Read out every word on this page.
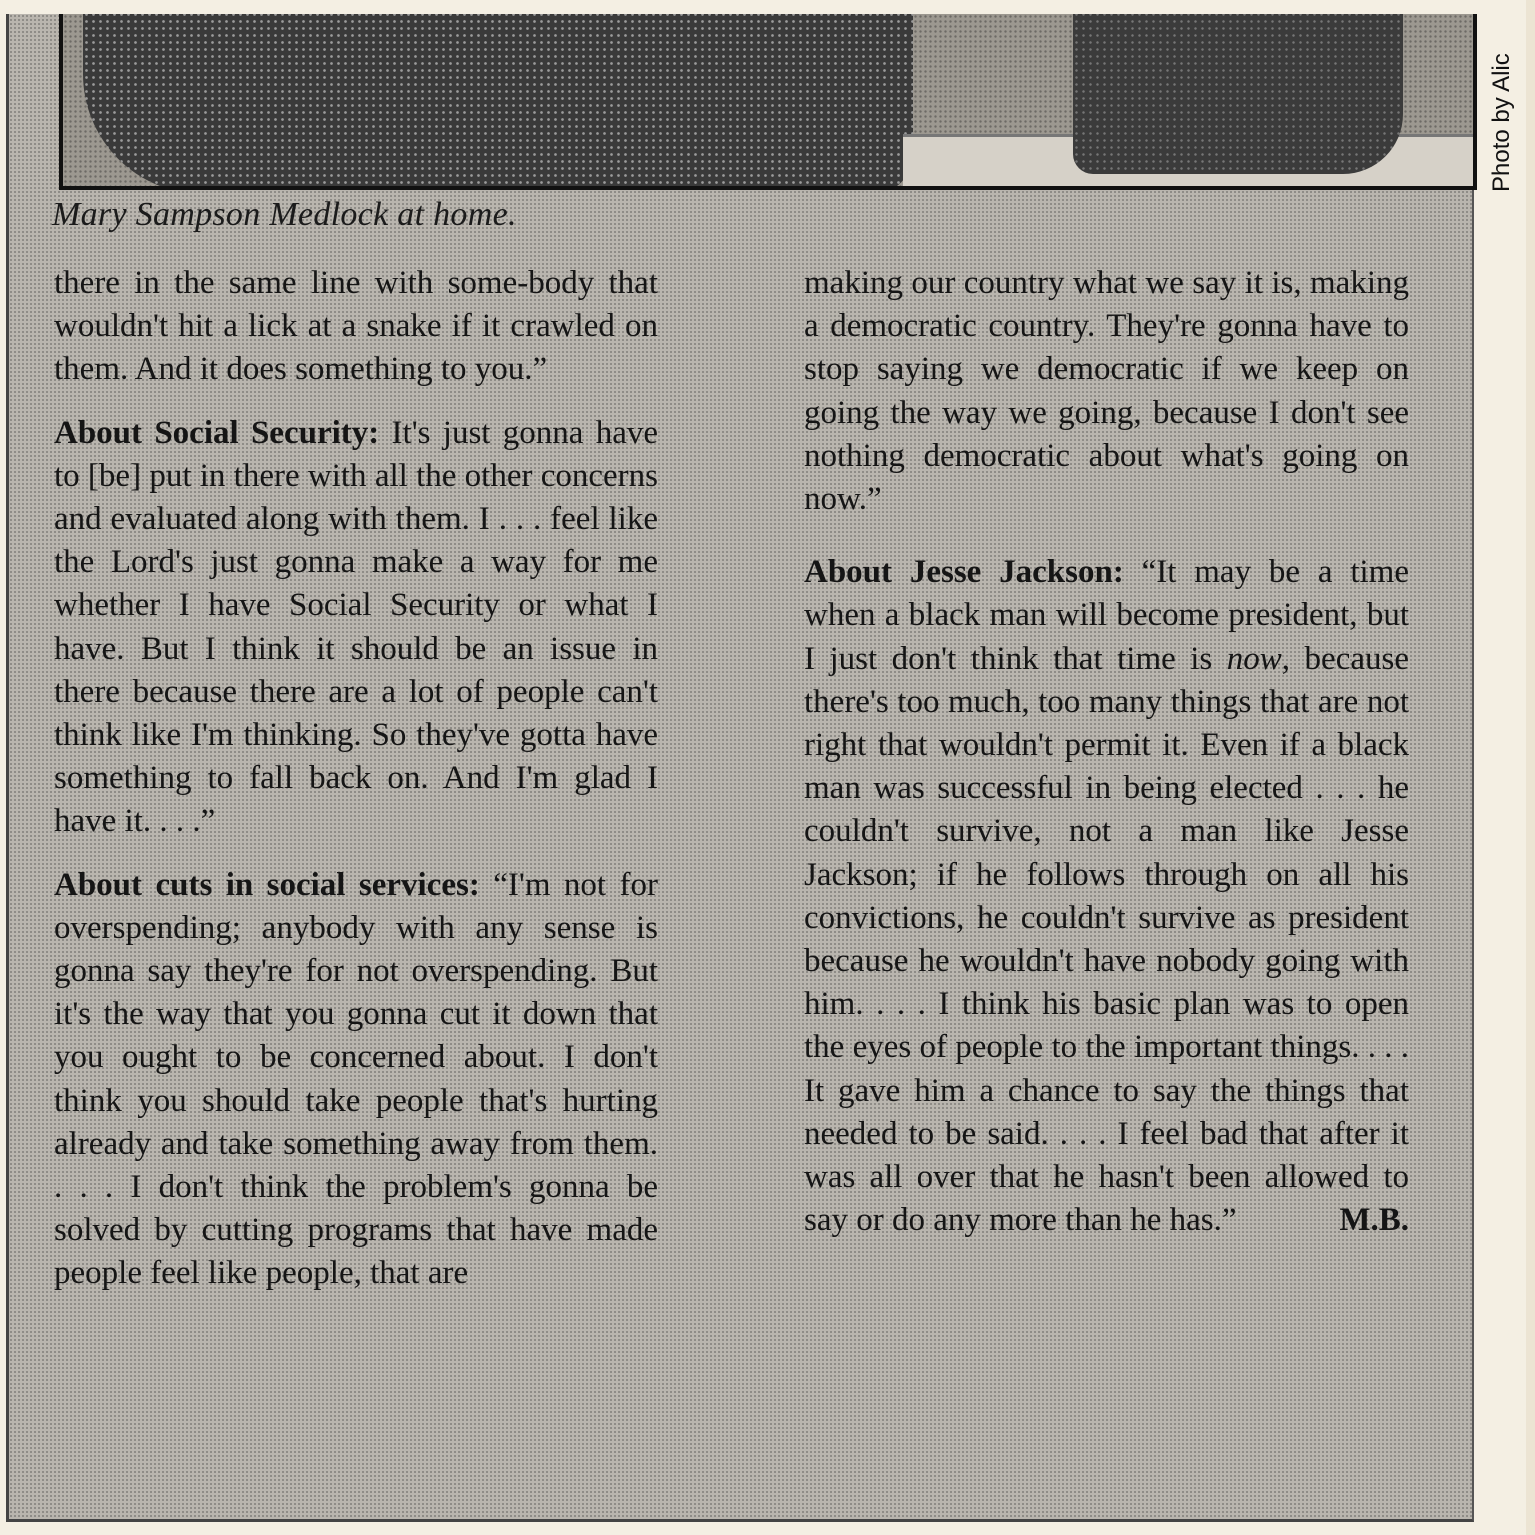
Mary Sampson Medlock at home.

there in the same line with some-body that wouldn't hit a lick at a snake if it crawled on them. And it does something to you.”

About Social Security: It's just gonna have to [be] put in there with all the other concerns and evaluated along with them. I . . . feel like the Lord's just gonna make a way for me whether I have Social Security or what I have. But I think it should be an issue in there because there are a lot of people can't think like I'm thinking. So they've gotta have something to fall back on. And I'm glad I have it. . . .”

About cuts in social services: “I'm not for overspending; anybody with any sense is gonna say they're for not overspending. But it's the way that you gonna cut it down that you ought to be concerned about. I don't think you should take people that's hurting already and take something away from them. . . . I don't think the problem's gonna be solved by cutting programs that have made people feel like people, that are

making our country what we say it is, making a democratic country. They're gonna have to stop saying we democratic if we keep on going the way we going, because I don't see nothing democratic about what's going on now.”

About Jesse Jackson: “It may be a time when a black man will become president, but I just don't think that time is now, because there's too much, too many things that are not right that wouldn't permit it. Even if a black man was successful in being elected . . . he couldn't survive, not a man like Jesse Jackson; if he follows through on all his convictions, he couldn't survive as president because he wouldn't have nobody going with him. . . . I think his basic plan was to open the eyes of people to the important things. . . . It gave him a chance to say the things that needed to be said. . . . I feel bad that after it was all over that he hasn't been allowed to say or do any more than he has.”	M.B.

Photo by Alic
